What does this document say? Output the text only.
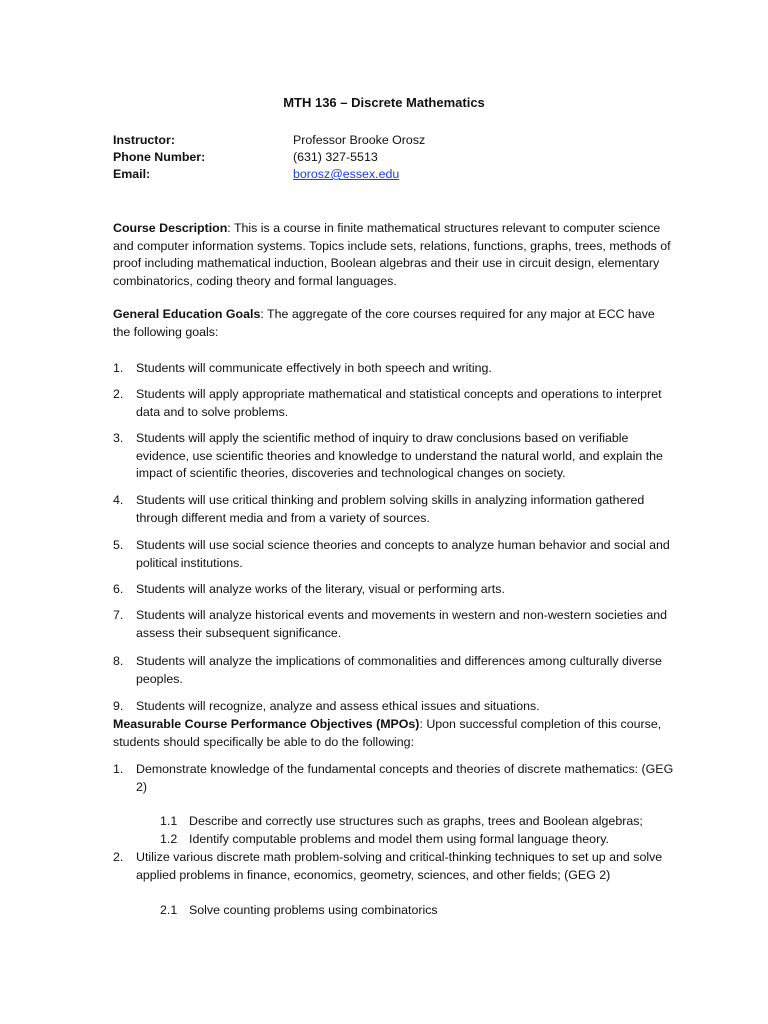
MTH 136 – Discrete Mathematics
Instructor:	Professor Brooke Orosz
Phone Number:	(631) 327-5513
Email:	borosz@essex.edu

Course Description: This is a course in finite mathematical structures relevant to computer science and computer information systems. Topics include sets, relations, functions, graphs, trees, methods of proof including mathematical induction, Boolean algebras and their use in circuit design, elementary combinatorics, coding theory and formal languages.

General Education Goals: The aggregate of the core courses required for any major at ECC have the following goals:

1. Students will communicate effectively in both speech and writing.
2. Students will apply appropriate mathematical and statistical concepts and operations to interpret data and to solve problems.
3. Students will apply the scientific method of inquiry to draw conclusions based on verifiable evidence, use scientific theories and knowledge to understand the natural world, and explain the impact of scientific theories, discoveries and technological changes on society.
4. Students will use critical thinking and problem solving skills in analyzing information gathered through different media and from a variety of sources.
5. Students will use social science theories and concepts to analyze human behavior and social and political institutions.
6. Students will analyze works of the literary, visual or performing arts.
7. Students will analyze historical events and movements in western and non-western societies and assess their subsequent significance.
8. Students will analyze the implications of commonalities and differences among culturally diverse peoples.
9. Students will recognize, analyze and assess ethical issues and situations.

Measurable Course Performance Objectives (MPOs): Upon successful completion of this course, students should specifically be able to do the following:

1. Demonstrate knowledge of the fundamental concepts and theories of discrete mathematics: (GEG 2)
2. Utilize various discrete math problem-solving and critical-thinking techniques to set up and solve applied problems in finance, economics, geometry, sciences, and other fields; (GEG 2)
1.1 Describe and correctly use structures such as graphs, trees and Boolean algebras;
1.2 Identify computable problems and model them using formal language theory.
2.1 Solve counting problems using combinatorics
